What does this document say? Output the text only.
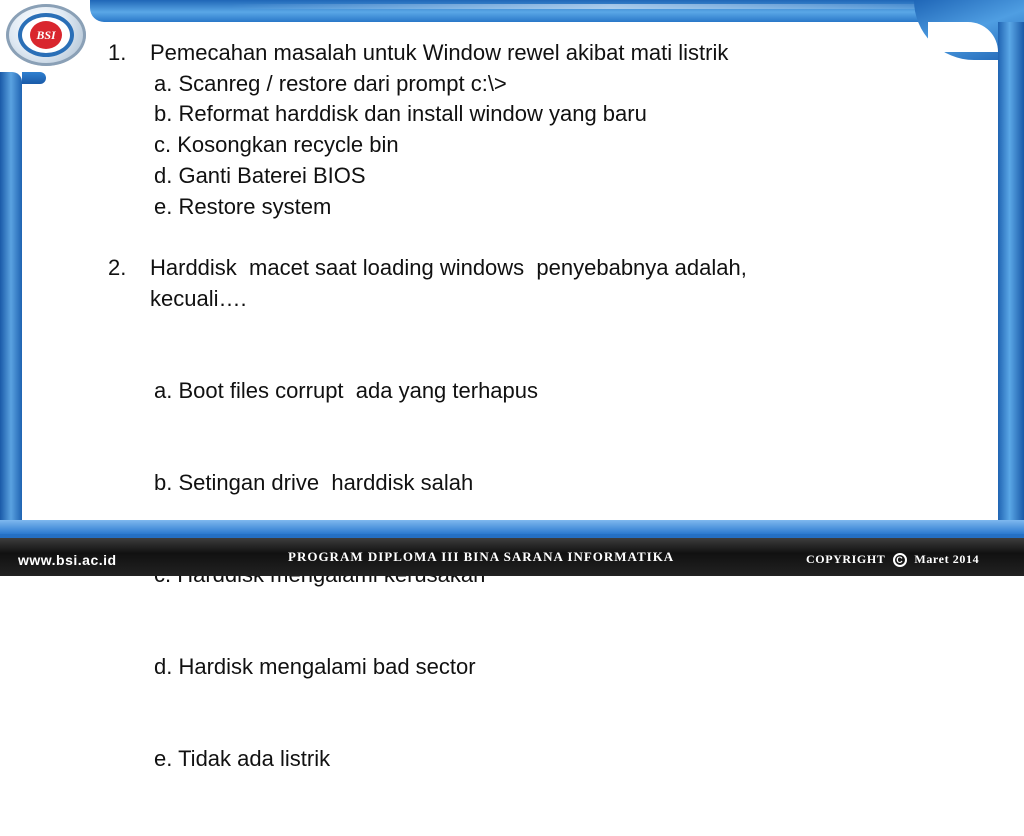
BSI
1. Pemecahan masalah untuk Window rewel akibat mati listrik
a. Scanreg / restore dari prompt c:\>
b. Reformat harddisk dan install window yang baru
c. Kosongkan recycle bin
d. Ganti Baterei BIOS
e. Restore system
2. Harddisk  macet saat loading windows  penyebabnya adalah, kecuali….

a. Boot files corrupt  ada yang terhapus

b. Setingan drive  harddisk salah

d. Hardisk mengalami bad sector

e. Tidak ada listrik

www.bsi.ac.id	PROGRAM DIPLOMA III BINA SARANA INFORMATIKA	COPYRIGHT C Maret 2014
